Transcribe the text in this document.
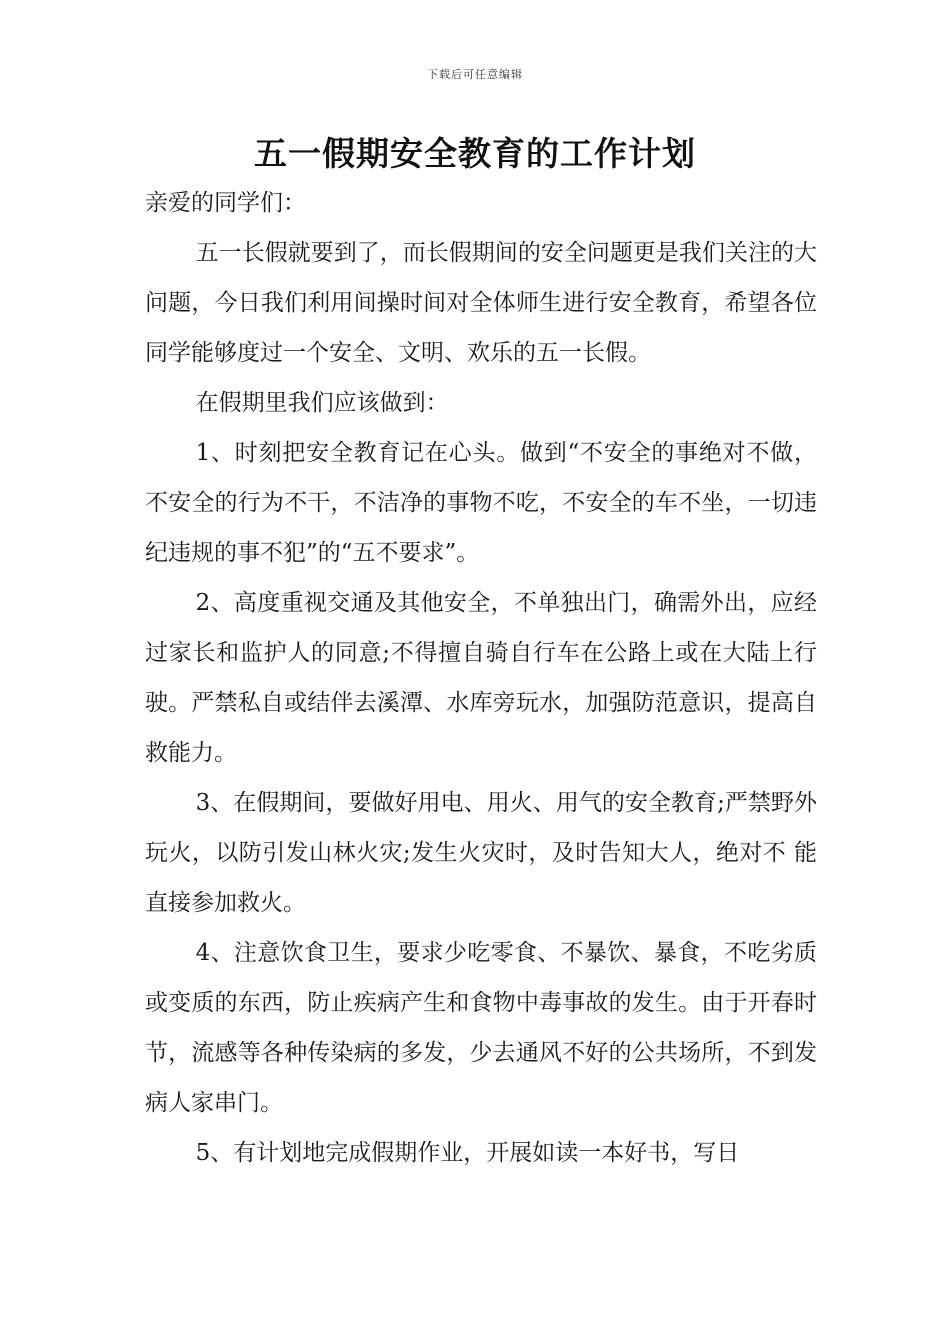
下载后可任意编辑
五一假期安全教育的工作计划

亲爱的同学们：

五一长假就要到了，而长假期间的安全问题更是我们关注的大问题，今日我们利用间操时间对全体师生进行安全教育，希望各位同学能够度过一个安全、文明、欢乐的五一长假。

在假期里我们应该做到：

1、时刻把安全教育记在心头。做到“不安全的事绝对不做，不安全的行为不干，不洁净的事物不吃，不安全的车不坐，一切违纪违规的事不犯”的“五不要求”。

2、高度重视交通及其他安全，不单独出门，确需外出，应经过家长和监护人的同意;不得擅自骑自行车在公路上或在大陆上行驶。严禁私自或结伴去溪潭、水库旁玩水，加强防范意识，提高自救能力。

3、在假期间，要做好用电、用火、用气的安全教育;严禁野外玩火，以防引发山林火灾;发生火灾时，及时告知大人，绝对不 能直接参加救火。

4、注意饮食卫生，要求少吃零食、不暴饮、暴食，不吃劣质或变质的东西，防止疾病产生和食物中毒事故的发生。由于开春时节，流感等各种传染病的多发，少去通风不好的公共场所，不到发病人家串门。

5、有计划地完成假期作业，开展如读一本好书，写日
